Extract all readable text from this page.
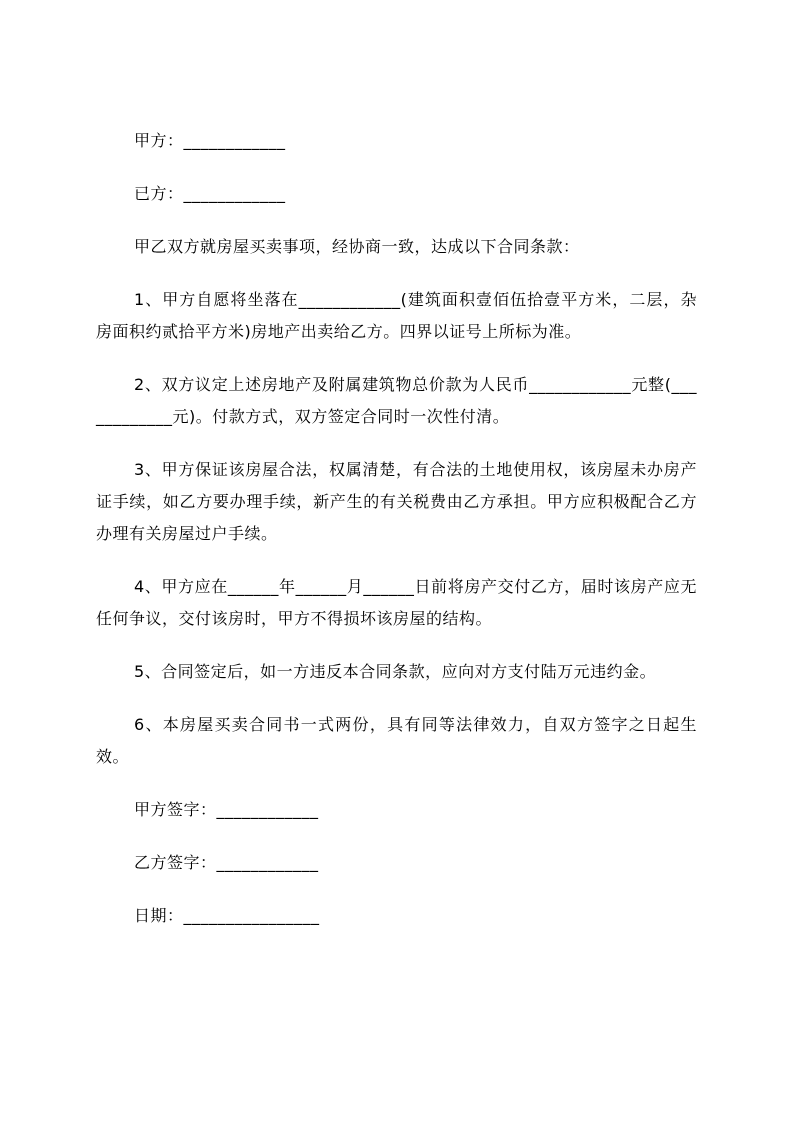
甲方：____________

已方：____________

甲乙双方就房屋买卖事项，经协商一致，达成以下合同条款：

1、甲方自愿将坐落在____________(建筑面积壹佰伍拾壹平方米，二层，杂房面积约贰拾平方米)房地产出卖给乙方。四界以证号上所标为准。

2、双方议定上述房地产及附属建筑物总价款为人民币____________元整(____________元)。付款方式，双方签定合同时一次性付清。

3、甲方保证该房屋合法，权属清楚，有合法的土地使用权，该房屋未办房产证手续，如乙方要办理手续，新产生的有关税费由乙方承担。甲方应积极配合乙方办理有关房屋过户手续。

4、甲方应在______年______月______日前将房产交付乙方，届时该房产应无任何争议，交付该房时，甲方不得损坏该房屋的结构。

5、合同签定后，如一方违反本合同条款，应向对方支付陆万元违约金。

6、本房屋买卖合同书一式两份，具有同等法律效力，自双方签字之日起生效。

甲方签字：____________

乙方签字：____________

日期：________________
